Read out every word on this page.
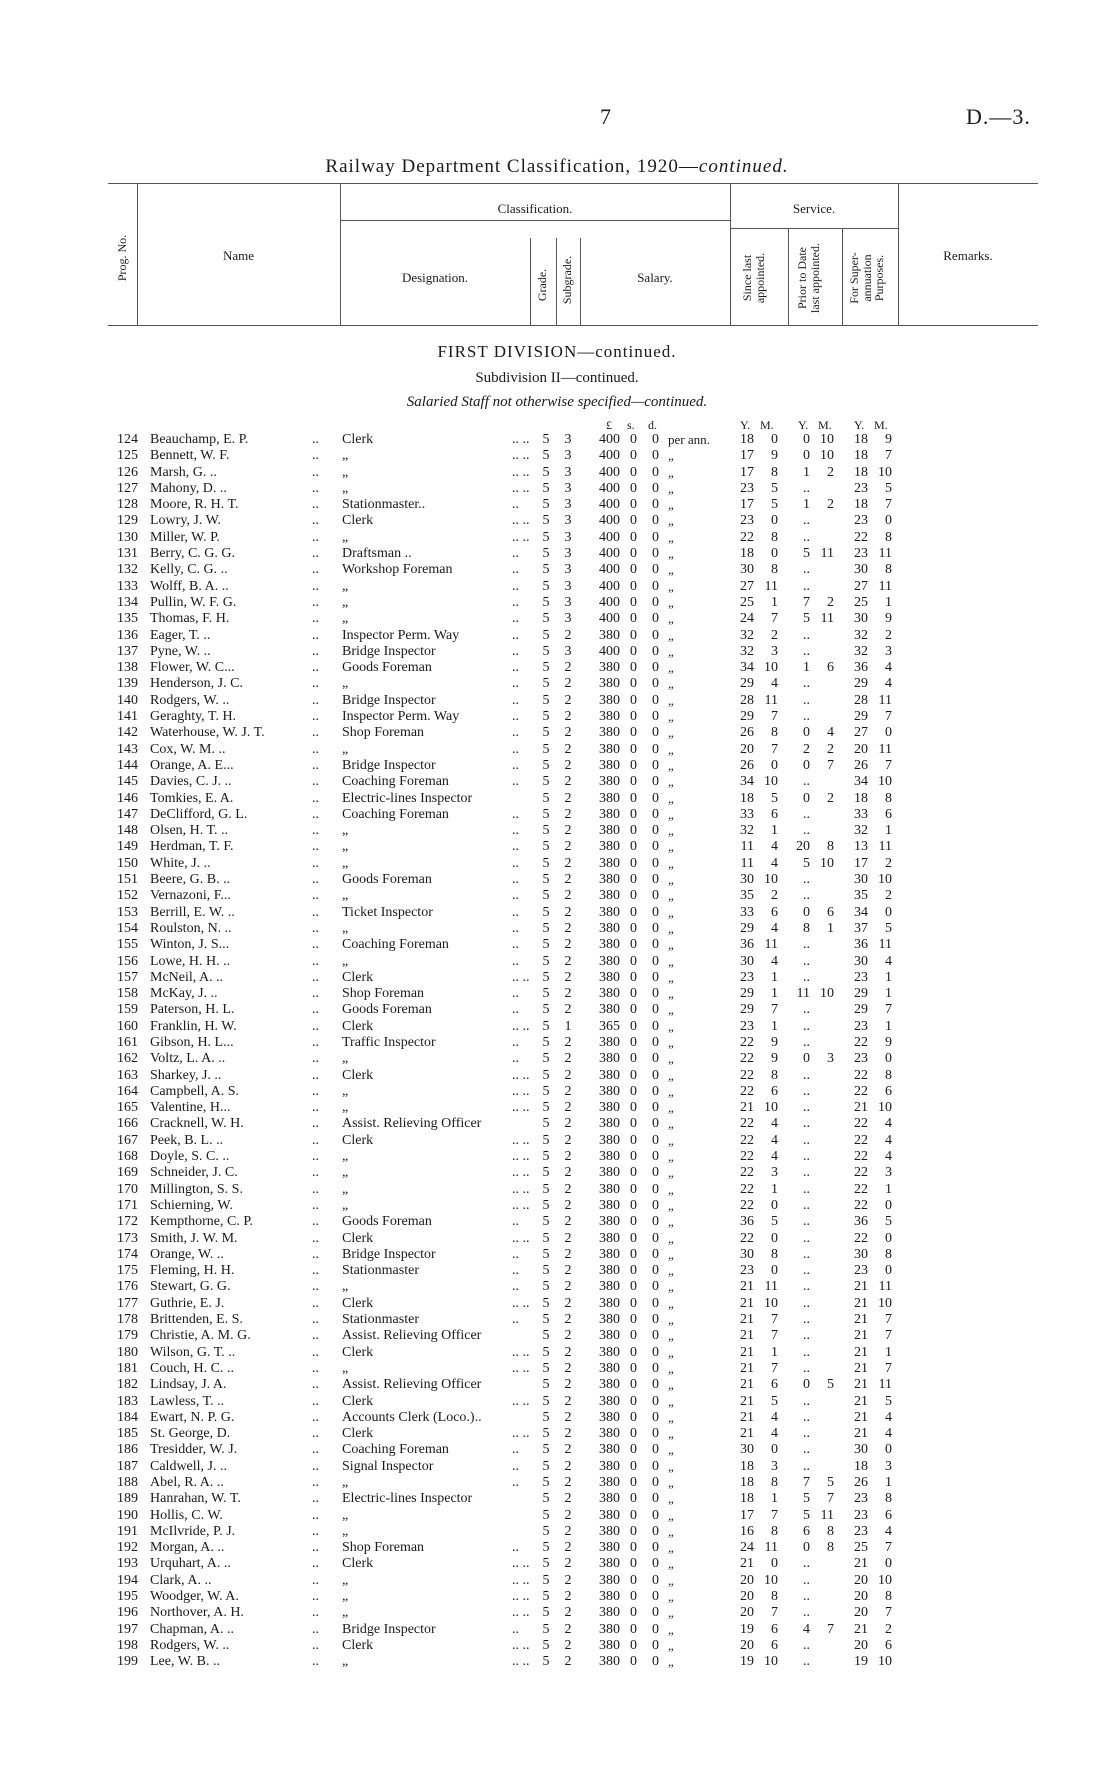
7	D.—3.
Railway Department Classification, 1920—continued.
Prog. No.	Name
Classification.	Service.
Designation.	Grade. Subgrade.	Salary.	Since last appointed. Prior to Date last appointed. For Super-annuation Purposes.	Remarks.
FIRST DIVISION—continued.
Subdivision II—continued.
Salaried Staff not otherwise specified—continued.
£ s. d.	Y. M. Y. M. Y. M.
124 Beauchamp, E. P.	.. Clerk	.. .. 5 3	400 0	0 per ann.	18	0	0 10	18	9
125 Bennett, W. F.	.. „	.. .. 5 3	400 0	0 „	17	9	0 10	18	7
126 Marsh, G. ..	.. „	.. .. 5 3	400 0	0 „	17	8	1	2	18 10
127 Mahony, D. ..	.. „	.. .. 5 3	400 0	0 „	23	5	..	23	5
128 Moore, R. H. T.	.. Stationmaster..	.. 5 3	400 0	0 „	17	5	1	2	18	7
129 Lowry, J. W.	.. Clerk	.. .. 5 3	400 0	0 „	23	0	..	23	0
130 Miller, W. P.	.. „	.. .. 5 3	400 0	0 „	22	8	..	22	8
131 Berry, C. G. G.	.. Draftsman ..	.. 5 3	400 0	0 „	18	0	5 11	23 11
132 Kelly, C. G. ..	.. Workshop Foreman	.. 5 3	400 0	0 „	30	8	..	30	8
133 Wolff, B. A. ..	.. „	.. 5 3	400 0	0 „	27 11	..	27 11
134 Pullin, W. F. G.	.. „	.. 5 3	400 0	0 „	25	1	7	2	25	1
135 Thomas, F. H.	.. „	.. 5 3	400 0	0 „	24	7	5 11	30	9
136 Eager, T. ..	.. Inspector Perm. Way	.. 5 2	380 0	0 „	32	2	..	32	2
137 Pyne, W. ..	.. Bridge Inspector	.. 5 3	400 0	0 „	32	3	..	32	3
138 Flower, W. C...	.. Goods Foreman	.. 5 2	380 0	0 „	34 10	1	6	36	4
139 Henderson, J. C.	.. „	.. 5 2	380 0	0 „	29	4	..	29	4
140 Rodgers, W. ..	.. Bridge Inspector	.. 5 2	380 0	0 „	28 11	..	28 11
141 Geraghty, T. H.	.. Inspector Perm. Way	.. 5 2	380 0	0 „	29	7	..	29	7
142 Waterhouse, W. J. T.	.. Shop Foreman	.. 5 2	380 0	0 „	26	8	0	4	27	0
143 Cox, W. M. ..	.. „	.. 5 2	380 0	0 „	20	7	2	2	20 11
144 Orange, A. E...	.. Bridge Inspector	.. 5 2	380 0	0 „	26	0	0	7	26	7
145 Davies, C. J. ..	.. Coaching Foreman	.. 5 2	380 0	0 „	34 10	..	34 10
146 Tomkies, E. A.	.. Electric-lines Inspector	5 2	380 0	0 „	18	5	0	2	18	8
147 DeClifford, G. L.	.. Coaching Foreman	.. 5 2	380 0	0 „	33	6	..	33	6
148 Olsen, H. T. ..	.. „	.. 5 2	380 0	0 „	32	1	..	32	1
149 Herdman, T. F.	.. „	.. 5 2	380 0	0 „	11	4	20	8	13 11
150 White, J. ..	.. „	.. 5 2	380 0	0 „	11	4	5 10	17	2
151 Beere, G. B. ..	.. Goods Foreman	.. 5 2	380 0	0 „	30 10	..	30 10
152 Vernazoni, F...	.. „	.. 5 2	380 0	0 „	35	2	..	35	2
153 Berrill, E. W. ..	.. Ticket Inspector	.. 5 2	380 0	0 „	33	6	0	6	34	0
154 Roulston, N. ..	.. „	.. 5 2	380 0	0 „	29	4	8	1	37	5
155 Winton, J. S...	.. Coaching Foreman	.. 5 2	380 0	0 „	36 11	..	36 11
156 Lowe, H. H. ..	.. „	.. 5 2	380 0	0 „	30	4	..	30	4
157 McNeil, A. ..	.. Clerk	.. .. 5 2	380 0	0 „	23	1	..	23	1
158 McKay, J. ..	.. Shop Foreman	.. 5 2	380 0	0 „	29	1	11 10	29	1
159 Paterson, H. L.	.. Goods Foreman	.. 5 2	380 0	0 „	29	7	..	29	7
160 Franklin, H. W.	.. Clerk	.. .. 5 1	365 0	0 „	23	1	..	23	1
161 Gibson, H. L...	.. Traffic Inspector	.. 5 2	380 0	0 „	22	9	..	22	9
162 Voltz, L. A. ..	.. „	.. 5 2	380 0	0 „	22	9	0	3	23	0
163 Sharkey, J. ..	.. Clerk	.. .. 5 2	380 0	0 „	22	8	..	22	8
164 Campbell, A. S.	.. „	.. .. 5 2	380 0	0 „	22	6	..	22	6
165 Valentine, H...	.. „	.. .. 5 2	380 0	0 „	21 10	..	21 10
166 Cracknell, W. H.	.. Assist. Relieving Officer	5 2	380 0	0 „	22	4	..	22	4
167 Peek, B. L. ..	.. Clerk	.. .. 5 2	380 0	0 „	22	4	..	22	4
168 Doyle, S. C. ..	.. „	.. .. 5 2	380 0	0 „	22	4	..	22	4
169 Schneider, J. C.	.. „	.. .. 5 2	380 0	0 „	22	3	..	22	3
170 Millington, S. S.	.. „	.. .. 5 2	380 0	0 „	22	1	..	22	1
171 Schierning, W.	.. „	.. .. 5 2	380 0	0 „	22	0	..	22	0
172 Kempthorne, C. P.	.. Goods Foreman	.. 5 2	380 0	0 „	36	5	..	36	5
173 Smith, J. W. M.	.. Clerk	.. .. 5 2	380 0	0 „	22	0	..	22	0
174 Orange, W. ..	.. Bridge Inspector	.. 5 2	380 0	0 „	30	8	..	30	8
175 Fleming, H. H.	.. Stationmaster	.. 5 2	380 0	0 „	23	0	..	23	0
176 Stewart, G. G.	.. „	.. 5 2	380 0	0 „	21 11	..	21 11
177 Guthrie, E. J.	.. Clerk	.. .. 5 2	380 0	0 „	21 10	..	21 10
178 Brittenden, E. S.	.. Stationmaster	.. 5 2	380 0	0 „	21	7	..	21	7
179 Christie, A. M. G.	.. Assist. Relieving Officer	5 2	380 0	0 „	21	7	..	21	7
180 Wilson, G. T. ..	.. Clerk	.. .. 5 2	380 0	0 „	21	1	..	21	1
181 Couch, H. C. ..	.. „	.. .. 5 2	380 0	0 „	21	7	..	21	7
182 Lindsay, J. A.	.. Assist. Relieving Officer	5 2	380 0	0 „	21	6	0	5	21 11
183 Lawless, T. ..	.. Clerk	.. .. 5 2	380 0	0 „	21	5	..	21	5
184 Ewart, N. P. G.	.. Accounts Clerk (Loco.)..	5 2	380 0	0 „	21	4	..	21	4
185 St. George, D.	.. Clerk	.. .. 5 2	380 0	0 „	21	4	..	21	4
186 Tresidder, W. J.	.. Coaching Foreman	.. 5 2	380 0	0 „	30	0	..	30	0
187 Caldwell, J. ..	.. Signal Inspector	.. 5 2	380 0	0 „	18	3	..	18	3
188 Abel, R. A. ..	.. „	.. 5 2	380 0	0 „	18	8	7	5	26	1
189 Hanrahan, W. T.	.. Electric-lines Inspector	5 2	380 0	0 „	18	1	5	7	23	8
190 Hollis, C. W.	.. „	5 2	380 0	0 „	17	7	5 11	23	6
191 McIlvride, P. J.	.. „	5 2	380 0	0 „	16	8	6	8	23	4
192 Morgan, A. ..	.. Shop Foreman	.. 5 2	380 0	0 „	24 11	0	8	25	7
193 Urquhart, A. ..	.. Clerk	.. .. 5 2	380 0	0 „	21	0	..	21	0
194 Clark, A. ..	.. „	.. .. 5 2	380 0	0 „	20 10	..	20 10
195 Woodger, W. A.	.. „	.. .. 5 2	380 0	0 „	20	8	..	20	8
196 Northover, A. H.	.. „	.. .. 5 2	380 0	0 „	20	7	..	20	7
197 Chapman, A. ..	.. Bridge Inspector	.. 5 2	380 0	0 „	19	6	4	7	21	2
198 Rodgers, W. ..	.. Clerk	.. .. 5 2	380 0	0 „	20	6	..	20	6
199 Lee, W. B. ..	.. „	.. .. 5 2	380 0	0 „	19 10	..	19 10
